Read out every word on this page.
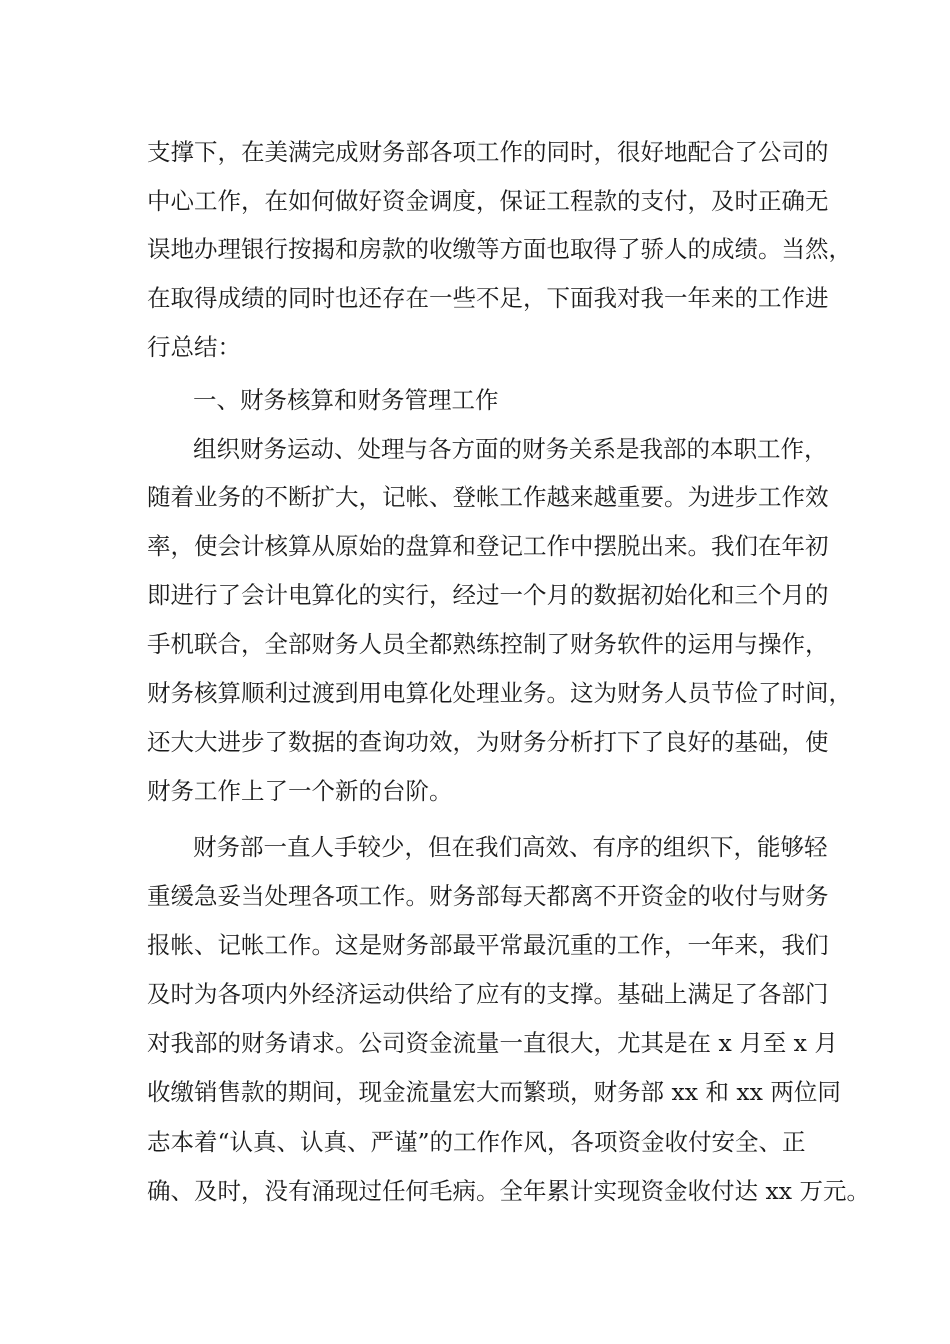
支撑下，在美满完成财务部各项工作的同时，很好地配合了公司的
中心工作，在如何做好资金调度，保证工程款的支付，及时正确无
误地办理银行按揭和房款的收缴等方面也取得了骄人的成绩。当然，
在取得成绩的同时也还存在一些不足，下面我对我一年来的工作进
行总结：
一、财务核算和财务管理工作
组织财务运动、处理与各方面的财务关系是我部的本职工作，
随着业务的不断扩大，记帐、登帐工作越来越重要。为进步工作效
率，使会计核算从原始的盘算和登记工作中摆脱出来。我们在年初
即进行了会计电算化的实行，经过一个月的数据初始化和三个月的
手机联合，全部财务人员全都熟练控制了财务软件的运用与操作，
财务核算顺利过渡到用电算化处理业务。这为财务人员节俭了时间，
还大大进步了数据的查询功效，为财务分析打下了良好的基础，使
财务工作上了一个新的台阶。
财务部一直人手较少，但在我们高效、有序的组织下，能够轻
重缓急妥当处理各项工作。财务部每天都离不开资金的收付与财务
报帐、记帐工作。这是财务部最平常最沉重的工作，一年来，我们
及时为各项内外经济运动供给了应有的支撑。基础上满足了各部门
对我部的财务请求。公司资金流量一直很大，尤其是在 x 月至 x 月
收缴销售款的期间，现金流量宏大而繁琐，财务部 xx 和 xx 两位同
志本着“认真、认真、严谨”的工作作风，各项资金收付安全、正
确、及时，没有涌现过任何毛病。全年累计实现资金收付达 xx 万元。
